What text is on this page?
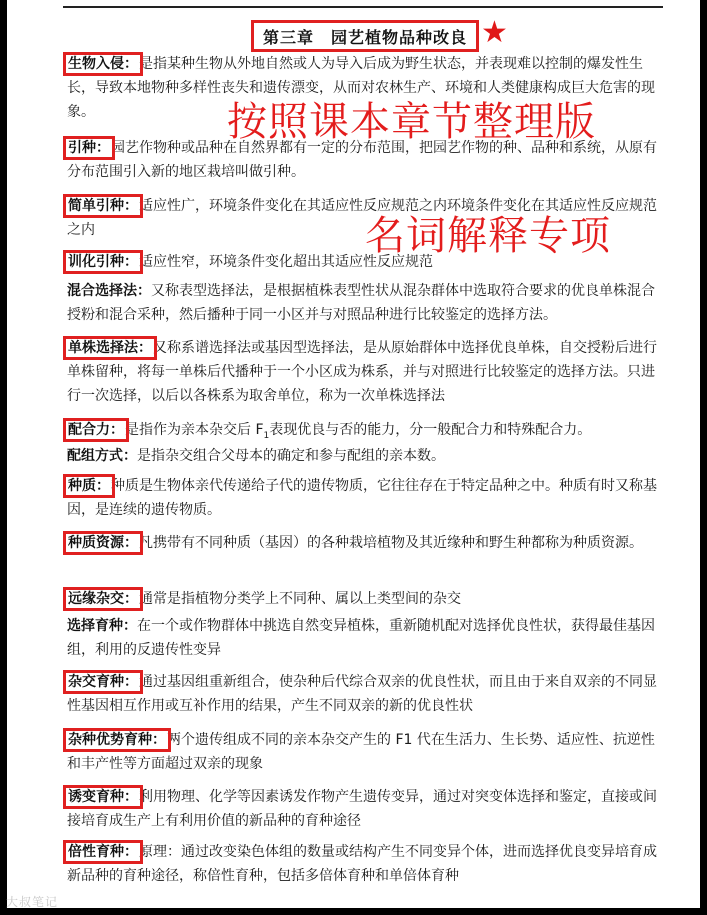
第三章　园艺植物品种改良 ★
按照课本章节整理版
名词解释专项
生物入侵：是指某种生物从外地自然或人为导入后成为野生状态，并表现难以控制的爆发性生长，导致本地物种多样性丧失和遗传漂变，从而对农林生产、环境和人类健康构成巨大危害的现象。
引种：园艺作物种或品种在自然界都有一定的分布范围，把园艺作物的种、品种和系统，从原有分布范围引入新的地区栽培叫做引种。
简单引种：适应性广，环境条件变化在其适应性反应规范之内环境条件变化在其适应性反应规范之内
训化引种：适应性窄，环境条件变化超出其适应性反应规范
混合选择法：又称表型选择法，是根据植株表型性状从混杂群体中选取符合要求的优良单株混合授粉和混合采种，然后播种于同一小区并与对照品种进行比较鉴定的选择方法。
单株选择法：又称系谱选择法或基因型选择法，是从原始群体中选择优良单株，自交授粉后进行单株留种，将每一单株后代播种于一个小区成为株系，并与对照进行比较鉴定的选择方法。只进行一次选择，以后以各株系为取舍单位，称为一次单株选择法
配合力：是指作为亲本杂交后 $F_1$表现优良与否的能力，分一般配合力和特殊配合力。
配组方式：是指杂交组合父母本的确定和参与配组的亲本数。
种质：种质是生物体亲代传递给子代的遗传物质，它往往存在于特定品种之中。种质有时又称基因，是连续的遗传物质。
种质资源：凡携带有不同种质（基因）的各种栽培植物及其近缘种和野生种都称为种质资源。
远缘杂交：通常是指植物分类学上不同种、属以上类型间的杂交
选择育种：在一个或作物群体中挑选自然变异植株，重新随机配对选择优良性状，获得最佳基因组，利用的反遗传性变异
杂交育种：通过基因组重新组合，使杂种后代综合双亲的优良性状，而且由于来自双亲的不同显性基因相互作用或互补作用的结果，产生不同双亲的新的优良性状
杂种优势育种：两个遗传组成不同的亲本杂交产生的 F1 代在生活力、生长势、适应性、抗逆性和丰产性等方面超过双亲的现象
诱变育种：利用物理、化学等因素诱发作物产生遗传变异，通过对突变体选择和鉴定，直接或间接培育成生产上有利用价值的新品种的育种途径
倍性育种：原理：通过改变染色体组的数量或结构产生不同变异个体，进而选择优良变异培育成新品种的育种途径，称倍性育种，包括多倍体育种和单倍体育种
大叔笔记
